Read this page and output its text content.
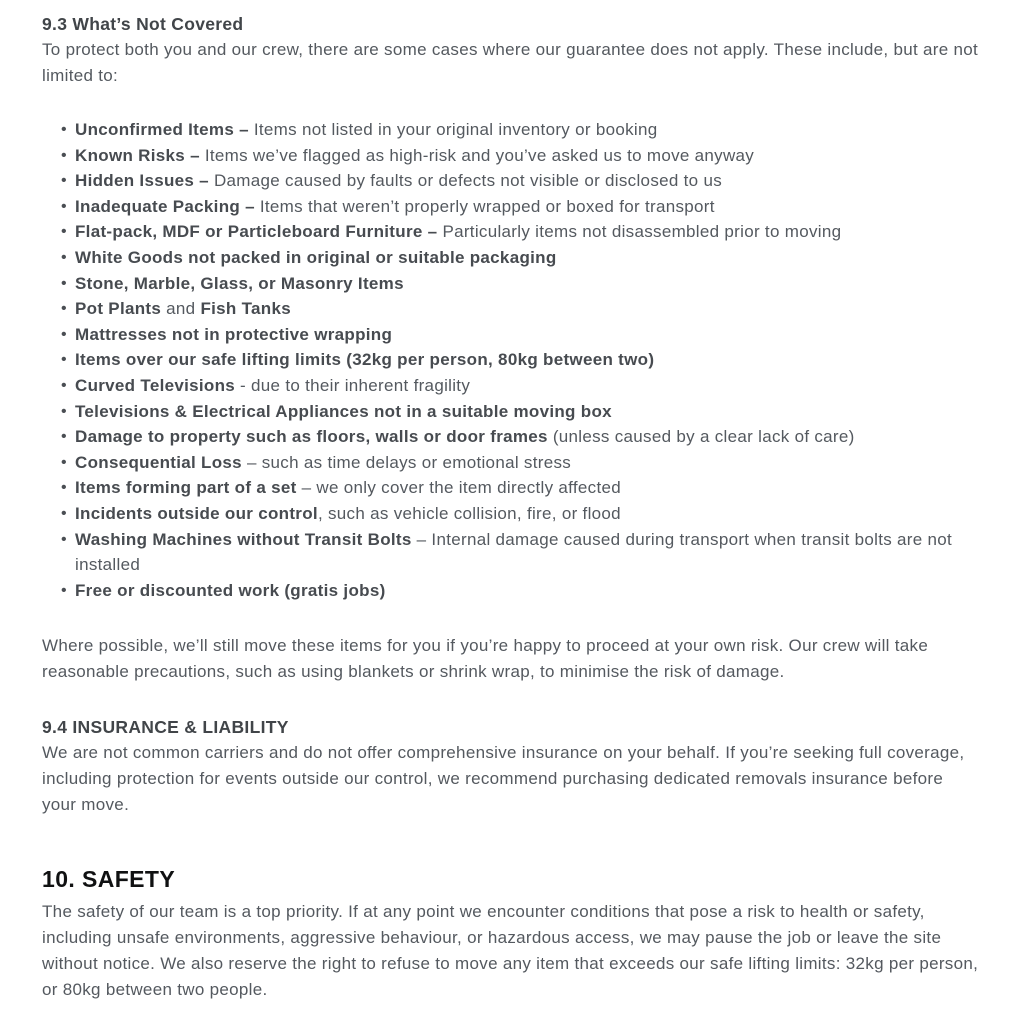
9.3 What’s Not Covered

To protect both you and our crew, there are some cases where our guarantee does not apply. These include, but are not limited to:

• Unconfirmed Items – Items not listed in your original inventory or booking
• Known Risks – Items we’ve flagged as high-risk and you’ve asked us to move anyway
• Hidden Issues – Damage caused by faults or defects not visible or disclosed to us
• Inadequate Packing – Items that weren’t properly wrapped or boxed for transport
• Flat-pack, MDF or Particleboard Furniture – Particularly items not disassembled prior to moving
• White Goods not packed in original or suitable packaging
• Stone, Marble, Glass, or Masonry Items
• Pot Plants and Fish Tanks
• Mattresses not in protective wrapping
• Items over our safe lifting limits (32kg per person, 80kg between two)
• Curved Televisions - due to their inherent fragility
• Televisions & Electrical Appliances not in a suitable moving box
• Damage to property such as floors, walls or door frames (unless caused by a clear lack of care)
• Consequential Loss – such as time delays or emotional stress
• Items forming part of a set – we only cover the item directly affected
• Incidents outside our control, such as vehicle collision, fire, or flood
• Washing Machines without Transit Bolts – Internal damage caused during transport when transit bolts are not installed
• Free or discounted work (gratis jobs)

Where possible, we’ll still move these items for you if you’re happy to proceed at your own risk. Our crew will take reasonable precautions, such as using blankets or shrink wrap, to minimise the risk of damage.

9.4 INSURANCE & LIABILITY

We are not common carriers and do not offer comprehensive insurance on your behalf. If you’re seeking full coverage, including protection for events outside our control, we recommend purchasing dedicated removals insurance before your move.

10. SAFETY

The safety of our team is a top priority. If at any point we encounter conditions that pose a risk to health or safety, including unsafe environments, aggressive behaviour, or hazardous access, we may pause the job or leave the site without notice. We also reserve the right to refuse to move any item that exceeds our safe lifting limits: 32kg per person, or 80kg between two people.
